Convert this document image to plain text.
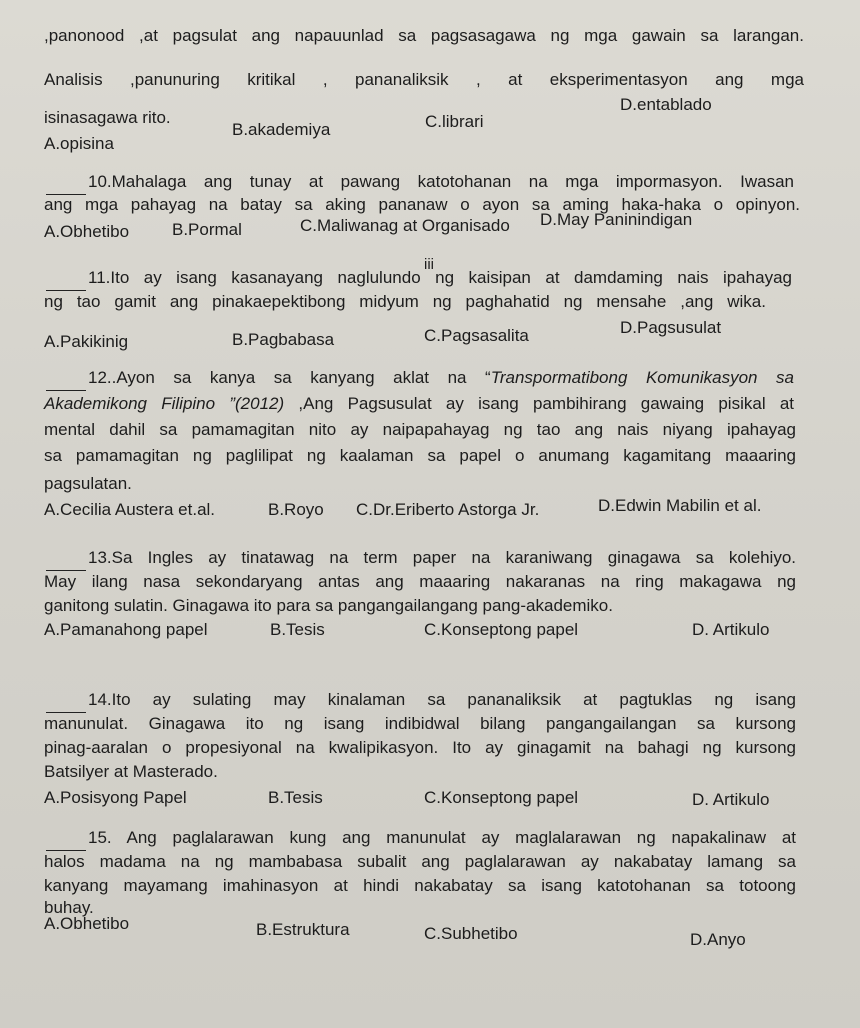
,panonood ,at pagsulat ang napauunlad sa pagsasagawa ng mga gawain sa larangan.
Analisis ,panunuring kritikal , pananaliksik , at eksperimentasyon ang mga
isinasagawa rito.
A.opisina
B.akademiya	C.librari
D.entablado
10.Mahalaga ang tunay at pawang katotohanan na mga impormasyon. Iwasan
ang mga pahayag na batay sa aking pananaw o ayon sa aming haka-haka o opinyon.
A.Obhetibo	B.Pormal	C.Maliwanag at Organisado D.May Paninindigan
iii
11.Ito ay isang kasanayang naglulundo ng kaisipan at damdaming nais ipahayag
ng tao gamit ang pinakaepektibong midyum ng paghahatid ng mensahe ,ang wika.
A.Pakikinig	B.Pagbabasa	C.Pagsasalita	D.Pagsusulat
12..Ayon sa kanya sa kanyang aklat na “Transpormatibong Komunikasyon sa
Akademikong Filipino ”(2012) ,Ang Pagsusulat ay isang pambihirang gawaing pisikal at
mental dahil sa pamamagitan nito ay naipapahayag ng tao ang nais niyang ipahayag
sa pamamagitan ng paglilipat ng kaalaman sa papel o anumang kagamitang maaaring
pagsulatan.
A.Cecilia Austera et.al.	B.Royo C.Dr.Eriberto Astorga Jr.	D.Edwin Mabilin et al.
13.Sa Ingles ay tinatawag na term paper na karaniwang ginagawa sa kolehiyo.
May ilang nasa sekondaryang antas ang maaaring nakaranas na ring makagawa ng
ganitong sulatin. Ginagawa ito para sa pangangailangang pang-akademiko.
A.Pamanahong papel	B.Tesis	C.Konseptong papel	D. Artikulo
14.Ito ay sulating may kinalaman sa pananaliksik at pagtuklas ng isang
manunulat. Ginagawa ito ng isang indibidwal bilang pangangailangan sa kursong
pinag-aaralan o propesiyonal na kwalipikasyon. Ito ay ginagamit na bahagi ng kursong
Batsilyer at Masterado.
A.Posisyong Papel	B.Tesis	C.Konseptong papel	D. Artikulo
15. Ang paglalarawan kung ang manunulat ay maglalarawan ng napakalinaw at
halos madama na ng mambabasa subalit ang paglalarawan ay nakabatay lamang sa
kanyang mayamang imahinasyon at hindi nakabatay sa isang katotohanan sa totoong
buhay.
A.Obhetibo	B.Estruktura	C.Subhetibo	D.Anyo
